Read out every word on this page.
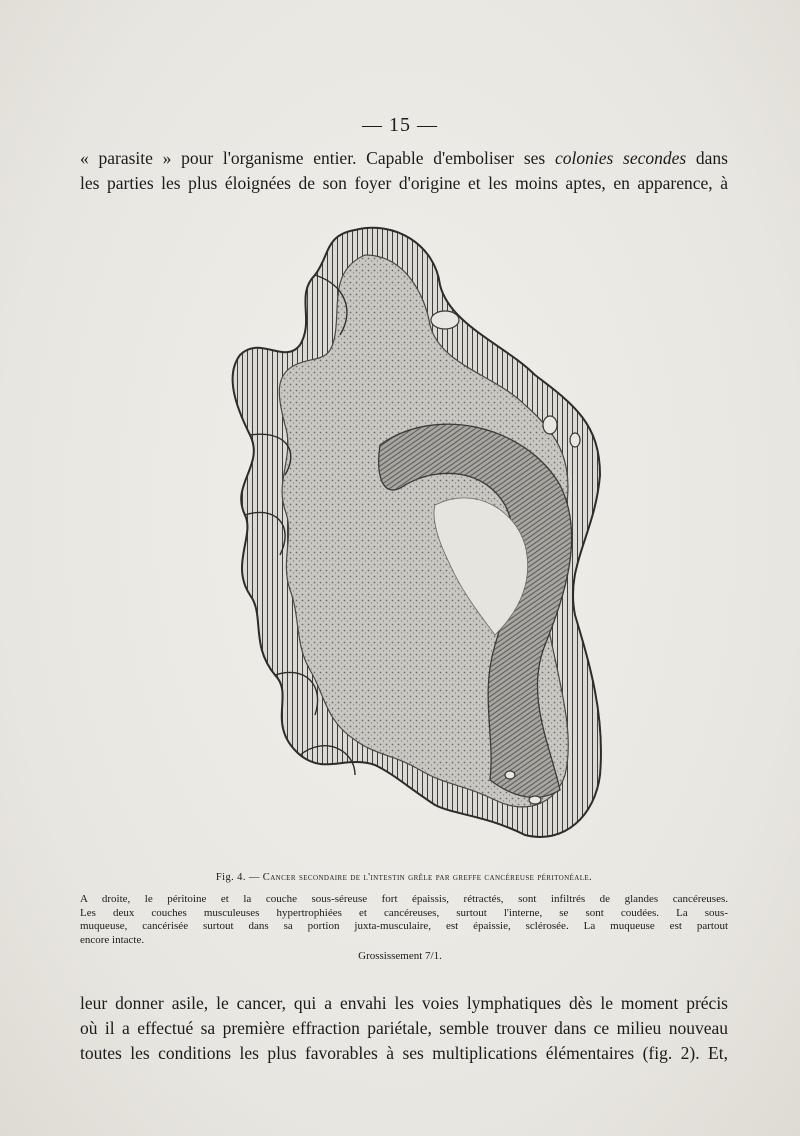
— 15 —
« parasite » pour l'organisme entier. Capable d'emboliser ses colonies secondes dans
les parties les plus éloignées de son foyer d'origine et les moins aptes, en apparence, à
Fig. 4. — Cancer secondaire de l'intestin grêle par greffe cancéreuse péritonéale.
A droite, le péritoine et la couche sous-séreuse fort épaissis, rétractés, sont infiltrés de glandes cancéreuses.
Les deux couches musculeuses hypertrophiées et cancéreuses, surtout l'interne, se sont coudées. La sous-
muqueuse, cancérisée surtout dans sa portion juxta-musculaire, est épaissie, sclérosée. La muqueuse est partout
encore intacte.
Grossissement 7/1.
leur donner asile, le cancer, qui a envahi les voies lymphatiques dès le moment précis
où il a effectué sa première effraction pariétale, semble trouver dans ce milieu nouveau
toutes les conditions les plus favorables à ses multiplications élémentaires (fig. 2). Et,
